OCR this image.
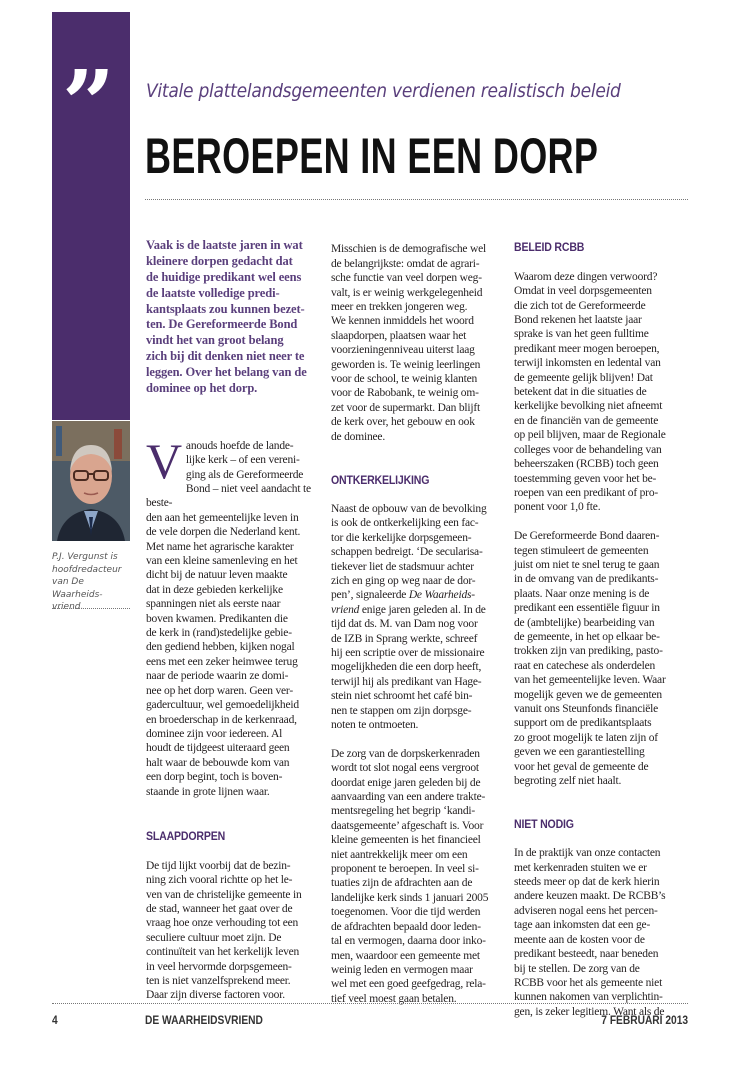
” Vitale plattelandsgemeenten verdienen realistisch beleid
BEROEPEN IN EEN DORP
P.J. Vergunst is
hoofdredacteur
van De Waarheids-
vriend.

Vaak is de laatste jaren in wat
kleinere dorpen gedacht dat
de huidige predikant wel eens
de laatste volledige predi-
kantsplaats zou kunnen bezet-
ten. De Gereformeerde Bond
vindt het van groot belang
zich bij dit denken niet neer te
leggen. Over het belang van de
dominee op het dorp.

Vanouds hoefde de lande-
lijke kerk – of een vereni-
ging als de Gereformeerde
Bond – niet veel aandacht te beste-
den aan het gemeentelijke leven in
de vele dorpen die Nederland kent.
Met name het agrarische karakter
van een kleine samenleving en het
dicht bij de natuur leven maakte
dat in deze gebieden kerkelijke
spanningen niet als eerste naar
boven kwamen. Predikanten die
de kerk in (rand)stedelijke gebie-
den gediend hebben, kijken nogal
eens met een zeker heimwee terug
naar de periode waarin ze domi-
nee op het dorp waren. Geen ver-
gadercultuur, wel gemoedelijkheid
en broederschap in de kerkenraad,
dominee zijn voor iedereen. Al
houdt de tijdgeest uiteraard geen
halt waar de bebouwde kom van
een dorp begint, toch is boven-
staande in grote lijnen waar.

SLAAPDORPEN

De tijd lijkt voorbij dat de bezin-
ning zich vooral richtte op het le-
ven van de christelijke gemeente in
de stad, wanneer het gaat over de
vraag hoe onze verhouding tot een
seculiere cultuur moet zijn. De
continuïteit van het kerkelijk leven
in veel hervormde dorpsgemeen-
ten is niet vanzelfsprekend meer.
Daar zijn diverse factoren voor.

Misschien is de demografische wel
de belangrijkste: omdat de agrari-
sche functie van veel dorpen weg-
valt, is er weinig werkgelegenheid
meer en trekken jongeren weg.
We kennen inmiddels het woord
slaapdorpen, plaatsen waar het
voorzieningenniveau uiterst laag
geworden is. Te weinig leerlingen
voor de school, te weinig klanten
voor de Rabobank, te weinig om-
zet voor de supermarkt. Dan blijft
de kerk over, het gebouw en ook
de dominee.

ONTKERKELIJKING

Naast de opbouw van de bevolking
is ook de ontkerkelijking een fac-
tor die kerkelijke dorpsgemeen-
schappen bedreigt. ‘De secularisa-
tiekever liet de stadsmuur achter
zich en ging op weg naar de dor-
pen’, signaleerde De Waarheids-
vriend enige jaren geleden al. In de
tijd dat ds. M. van Dam nog voor
de IZB in Sprang werkte, schreef
hij een scriptie over de missionaire
mogelijkheden die een dorp heeft,
terwijl hij als predikant van Hage-
stein niet schroomt het café bin-
nen te stappen om zijn dorpsge-
noten te ontmoeten.

De zorg van de dorpskerkenraden
wordt tot slot nogal eens vergroot
doordat enige jaren geleden bij de
aanvaarding van een andere trakte-
mentsregeling het begrip ‘kandi-
daatsgemeente’ afgeschaft is. Voor
kleine gemeenten is het financieel
niet aantrekkelijk meer om een
proponent te beroepen. In veel si-
tuaties zijn de afdrachten aan de
landelijke kerk sinds 1 januari 2005
toegenomen. Voor die tijd werden
de afdrachten bepaald door leden-
tal en vermogen, daarna door inko-
men, waardoor een gemeente met
weinig leden en vermogen maar
wel met een goed geefgedrag, rela-
tief veel moest gaan betalen.

BELEID RCBB

Waarom deze dingen verwoord?
Omdat in veel dorpsgemeenten
die zich tot de Gereformeerde
Bond rekenen het laatste jaar
sprake is van het geen fulltime
predikant meer mogen beroepen,
terwijl inkomsten en ledental van
de gemeente gelijk blijven! Dat
betekent dat in die situaties de
kerkelijke bevolking niet afneemt
en de financiën van de gemeente
op peil blijven, maar de Regionale
colleges voor de behandeling van
beheerszaken (RCBB) toch geen
toestemming geven voor het be-
roepen van een predikant of pro-
ponent voor 1,0 fte.

De Gereformeerde Bond daaren-
tegen stimuleert de gemeenten
juist om niet te snel terug te gaan
in de omvang van de predikants-
plaats. Naar onze mening is de
predikant een essentiële figuur in
de (ambtelijke) bearbeiding van
de gemeente, in het op elkaar be-
trokken zijn van prediking, pasto-
raat en catechese als onderdelen
van het gemeentelijke leven. Waar
mogelijk geven we de gemeenten
vanuit ons Steunfonds financiële
support om de predikantsplaats
zo groot mogelijk te laten zijn of
geven we een garantiestelling
voor het geval de gemeente de
begroting zelf niet haalt.

NIET NODIG

In de praktijk van onze contacten
met kerkenraden stuiten we er
steeds meer op dat de kerk hierin
andere keuzen maakt. De RCBB’s
adviseren nogal eens het percen-
tage aan inkomsten dat een ge-
meente aan de kosten voor de
predikant besteedt, naar beneden
bij te stellen. De zorg van de
RCBB voor het als gemeente niet
kunnen nakomen van verplichtin-
gen, is zeker legitiem. Want als de

4	DE WAARHEIDSVRIEND	7 FEBRUARI 2013
